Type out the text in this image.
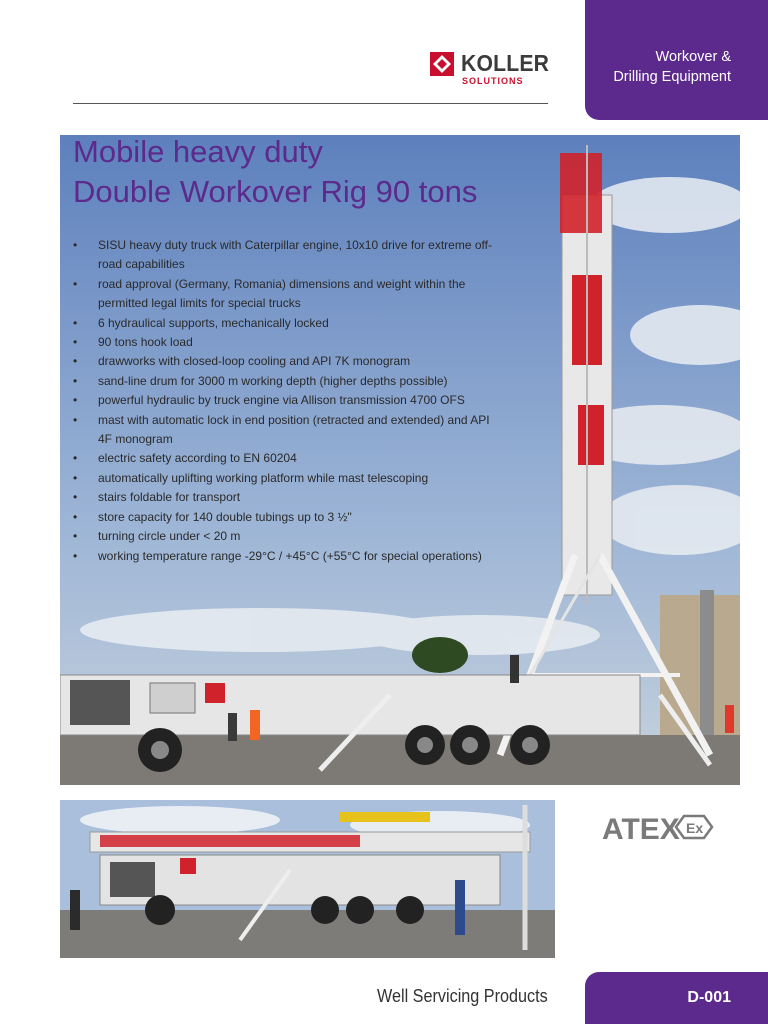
Workover &
Drilling Equipment
KOLLER
SOLUTIONS
Mobile heavy duty
Double Workover Rig 90 tons
• SISU heavy duty truck with Caterpillar engine, 10x10 drive for extreme off-road capabilities
• road approval (Germany, Romania) dimensions and weight within the permitted legal limits for special trucks
• 6 hydraulical supports, mechanically locked
• 90 tons hook load
• drawworks with closed-loop cooling and API 7K monogram
• sand-line drum for 3000 m working depth (higher depths possible)
• powerful hydraulic by truck engine via Allison transmission 4700 OFS
• mast with automatic lock in end position (retracted and extended) and API 4F monogram
• electric safety according to EN 60204
• automatically uplifting working platform while mast telescoping
• stairs foldable for transport
• store capacity for 140 double tubings up to 3 ½"
• turning circle under < 20 m
• working temperature range -29°C / +45°C (+55°C for special operations)
ATEX Ex
Well Servicing Products	D-001
